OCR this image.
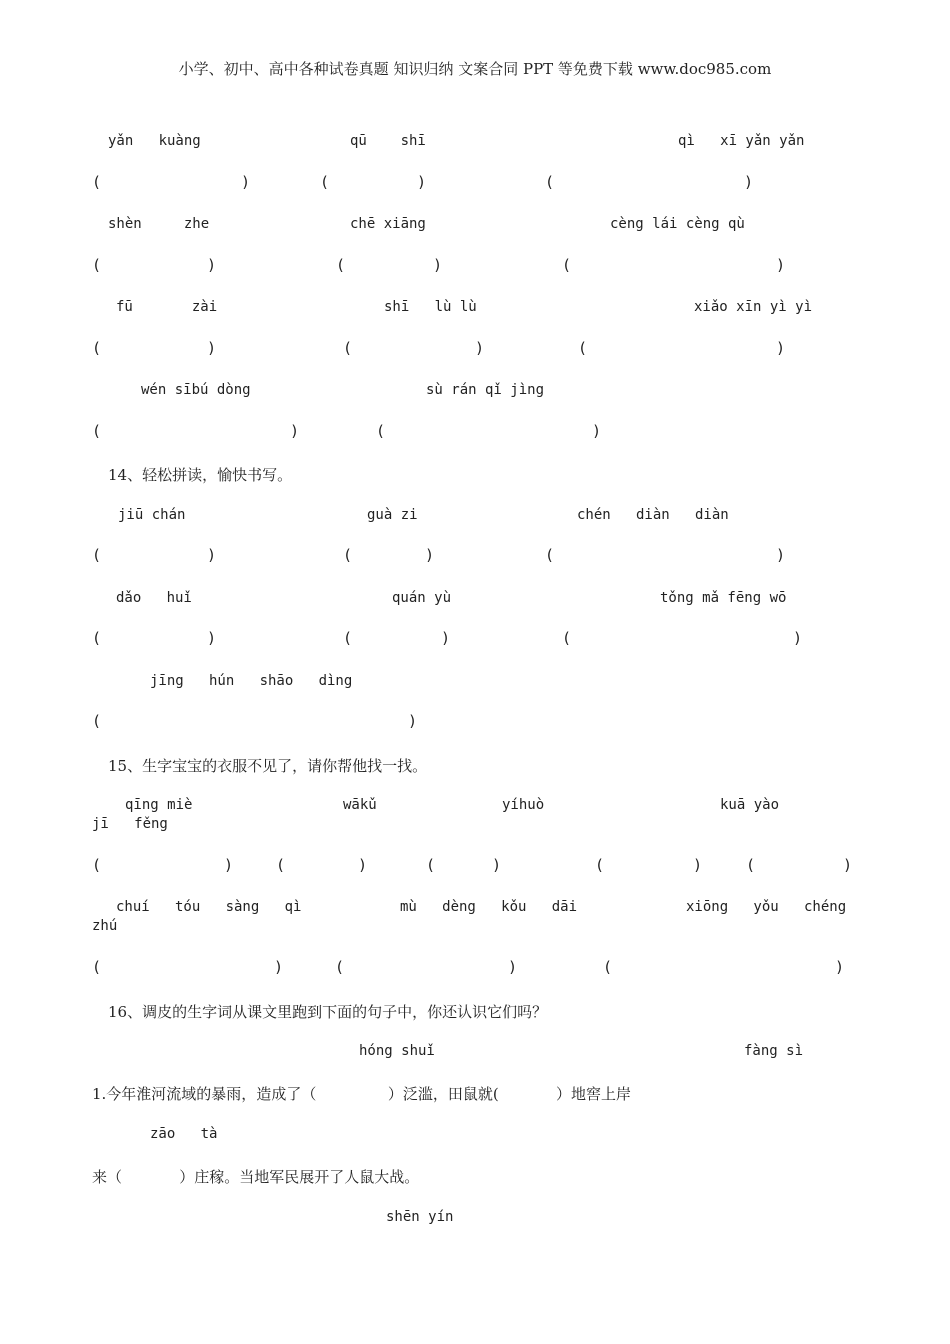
小学、初中、高中各种试卷真题 知识归纳 文案合同 PPT 等免费下载 www.doc985.com
yǎn   kuàng	qū    shī	qì   xī yǎn yǎn
(	)	(	)	(	)
shèn     zhe	chē xiāng	cèng lái cèng qù
(	)	(	)	(	)
fū       zài	shī   lù lù	xiǎo xīn yì yì
(	)	(	)	(	)
wén sībú dòng	sù rán qǐ jìng
(	)	(	)
14、轻松拼读，愉快书写。
jiū chán	guà zi	chén   diàn   diàn
(	)	(	)	(	)
dǎo   huǐ	quán yù	tǒng mǎ fēng wō
(	)	(	)	(	)
jīng   hún   shāo   dìng
(	)
15、生字宝宝的衣服不见了，请你帮他找一找。
qīng miè	wākǔ	yíhuò	kuā yào
jī   fěng
(	)	(	)	(	)	(	)	(	)
chuí   tóu   sàng   qì	mù   dèng   kǒu   dāi	xiōng   yǒu   chéng
zhú
(	)	(	)	(	)
16、调皮的生字词从课文里跑到下面的句子中，你还认识它们吗？
hóng shuǐ	fàng sì
1.今年淮河流域的暴雨，造成了（	）泛滥，田鼠就(	）地窖上岸
zāo   tà
来（	）庄稼。当地军民展开了人鼠大战。
shēn yín
